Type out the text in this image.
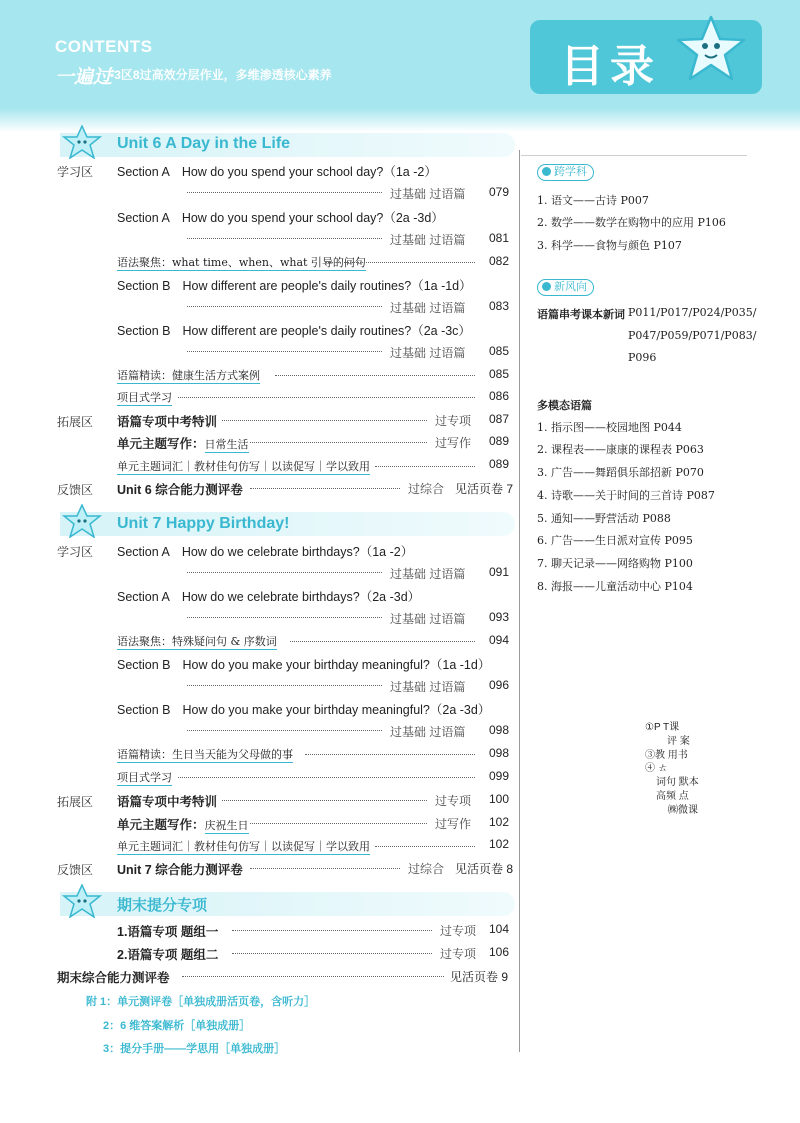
CONTENTS
一遍过
▪3区8过高效分层作业，多维渗透核心素养	目录
Unit 6 A Day in the Life
学习区 Section A How do you spend your school day?（1a -2）
过基础 过语篇	079
Section A How do you spend your school day?（2a -3d）
过基础 过语篇	081
语法聚焦：what time、when、what 引导的问句	082
Section B How different are people's daily routines?（1a -1d）
过基础 过语篇	083
Section B How different are people's daily routines?（2a -3c）
过基础 过语篇	085
语篇精读：健康生活方式案例	085
项目式学习	086
拓展区 语篇专项中考特训	过专项	087
单元主题写作：日常生活	过写作	089
单元主题词汇｜教材佳句仿写｜以读促写｜学以致用	089
反馈区 Unit 6 综合能力测评卷	过综合 见活页卷 7
Unit 7 Happy Birthday!
学习区 Section A How do we celebrate birthdays?（1a -2）
过基础 过语篇	091
Section A How do we celebrate birthdays?（2a -3d）
过基础 过语篇	093
语法聚焦：特殊疑问句 & 序数词	094
Section B How do you make your birthday meaningful?（1a -1d）
过基础 过语篇	096
Section B How do you make your birthday meaningful?（2a -3d）
过基础 过语篇	098
语篇精读：生日当天能为父母做的事	098
项目式学习	099
拓展区 语篇专项中考特训	过专项	100
单元主题写作：庆祝生日	过写作	102
单元主题词汇｜教材佳句仿写｜以读促写｜学以致用	102
反馈区 Unit 7 综合能力测评卷	过综合 见活页卷 8
期末提分专项
1.语篇专项 题组一	过专项	104
2.语篇专项 题组二	过专项	106
期末综合能力测评卷	见活页卷 9
附 1：单元测评卷［单独成册活页卷，含听力］
2：6 维答案解析［单独成册］
3：提分手册——学思用［单独成册］
跨学科
1. 语文——古诗 P007
2. 数学——数学在购物中的应用 P106
3. 科学——食物与颜色 P107
新风向
语篇串考课本新词 P011/P017/P024/P035/
P047/P059/P071/P083/
P096
多模态语篇
1. 指示图——校园地图 P044
2. 课程表——康康的课程表 P063
3. 广告——舞蹈俱乐部招新 P070
4. 诗歌——关于时间的三首诗 P087
5. 通知——野营活动 P088
6. 广告——生日派对宣传 P095
7. 聊天记录——网络购物 P100
8. 海报——儿童活动中心 P104
①P T课
评 案
③教 用书
④ ㄊ
词句 默本
高频 点
㈱微课
